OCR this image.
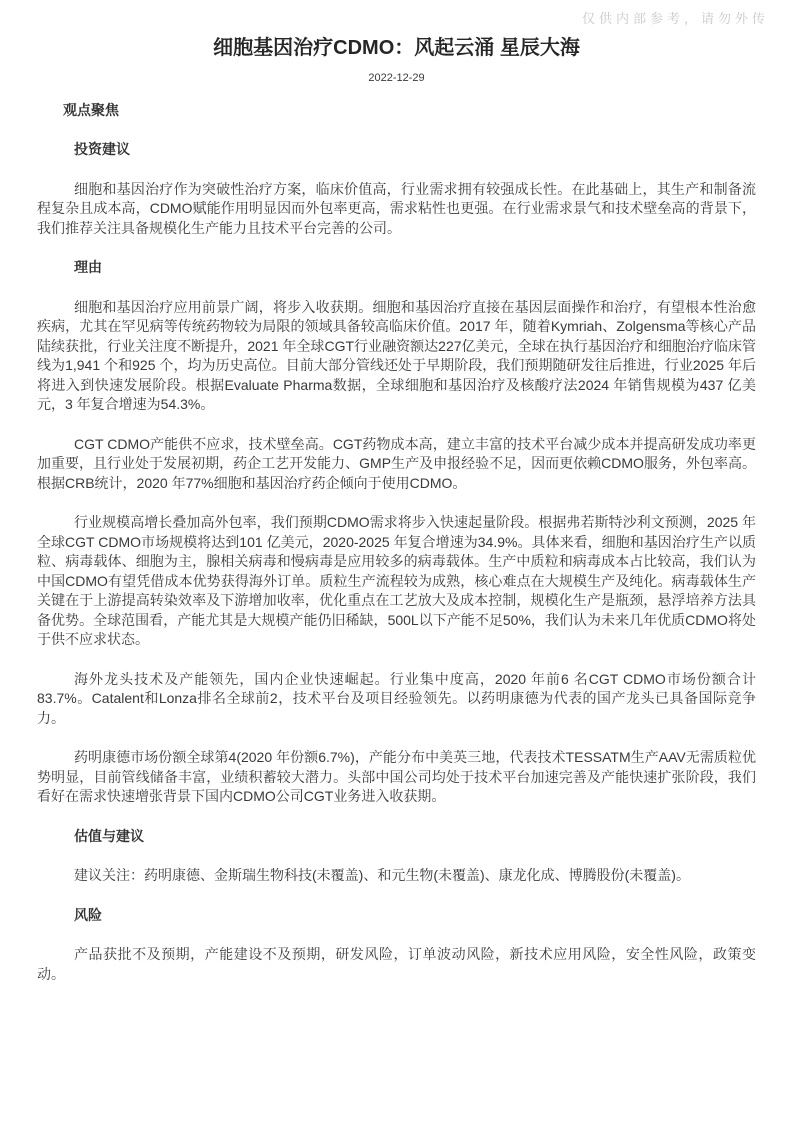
仅供内部参考，请勿外传
细胞基因治疗CDMO：风起云涌 星辰大海
2022-12-29
观点聚焦

投资建议

细胞和基因治疗作为突破性治疗方案，临床价值高，行业需求拥有较强成长性。在此基础上，其生产和制备流程复杂且成本高，CDMO赋能作用明显因而外包率更高，需求粘性也更强。在行业需求景气和技术壁垒高的背景下，我们推荐关注具备规模化生产能力且技术平台完善的公司。

理由

细胞和基因治疗应用前景广阔，将步入收获期。细胞和基因治疗直接在基因层面操作和治疗，有望根本性治愈疾病，尤其在罕见病等传统药物较为局限的领域具备较高临床价值。2017 年，随着Kymriah、Zolgensma等核心产品陆续获批，行业关注度不断提升，2021 年全球CGT行业融资额达227亿美元，全球在执行基因治疗和细胞治疗临床管线为1,941 个和925 个，均为历史高位。目前大部分管线还处于早期阶段，我们预期随研发往后推进，行业2025 年后将进入到快速发展阶段。根据Evaluate Pharma数据，全球细胞和基因治疗及核酸疗法2024 年销售规模为437 亿美元，3 年复合增速为54.3%。

CGT CDMO产能供不应求，技术壁垒高。CGT药物成本高，建立丰富的技术平台减少成本并提高研发成功率更加重要，且行业处于发展初期，药企工艺开发能力、GMP生产及申报经验不足，因而更依赖CDMO服务，外包率高。根据CRB统计，2020 年77%细胞和基因治疗药企倾向于使用CDMO。

行业规模高增长叠加高外包率，我们预期CDMO需求将步入快速起量阶段。根据弗若斯特沙利文预测，2025 年全球CGT CDMO市场规模将达到101 亿美元，2020-2025 年复合增速为34.9%。具体来看，细胞和基因治疗生产以质粒、病毒载体、细胞为主，腺相关病毒和慢病毒是应用较多的病毒载体。生产中质粒和病毒成本占比较高，我们认为中国CDMO有望凭借成本优势获得海外订单。质粒生产流程较为成熟，核心难点在大规模生产及纯化。病毒载体生产关键在于上游提高转染效率及下游增加收率，优化重点在工艺放大及成本控制，规模化生产是瓶颈，悬浮培养方法具备优势。全球范围看，产能尤其是大规模产能仍旧稀缺，500L以下产能不足50%，我们认为未来几年优质CDMO将处于供不应求状态。

海外龙头技术及产能领先，国内企业快速崛起。行业集中度高，2020 年前6 名CGT CDMO市场份额合计83.7%。Catalent和Lonza排名全球前2，技术平台及项目经验领先。以药明康德为代表的国产龙头已具备国际竞争力。

药明康德市场份额全球第4(2020 年份额6.7%)，产能分布中美英三地，代表技术TESSATM生产AAV无需质粒优势明显，目前管线储备丰富，业绩积蓄较大潜力。头部中国公司均处于技术平台加速完善及产能快速扩张阶段，我们看好在需求快速增张背景下国内CDMO公司CGT业务进入收获期。

估值与建议

建议关注：药明康德、金斯瑞生物科技(未覆盖)、和元生物(未覆盖)、康龙化成、博腾股份(未覆盖)。

风险

产品获批不及预期，产能建设不及预期，研发风险，订单波动风险，新技术应用风险，安全性风险，政策变动。
